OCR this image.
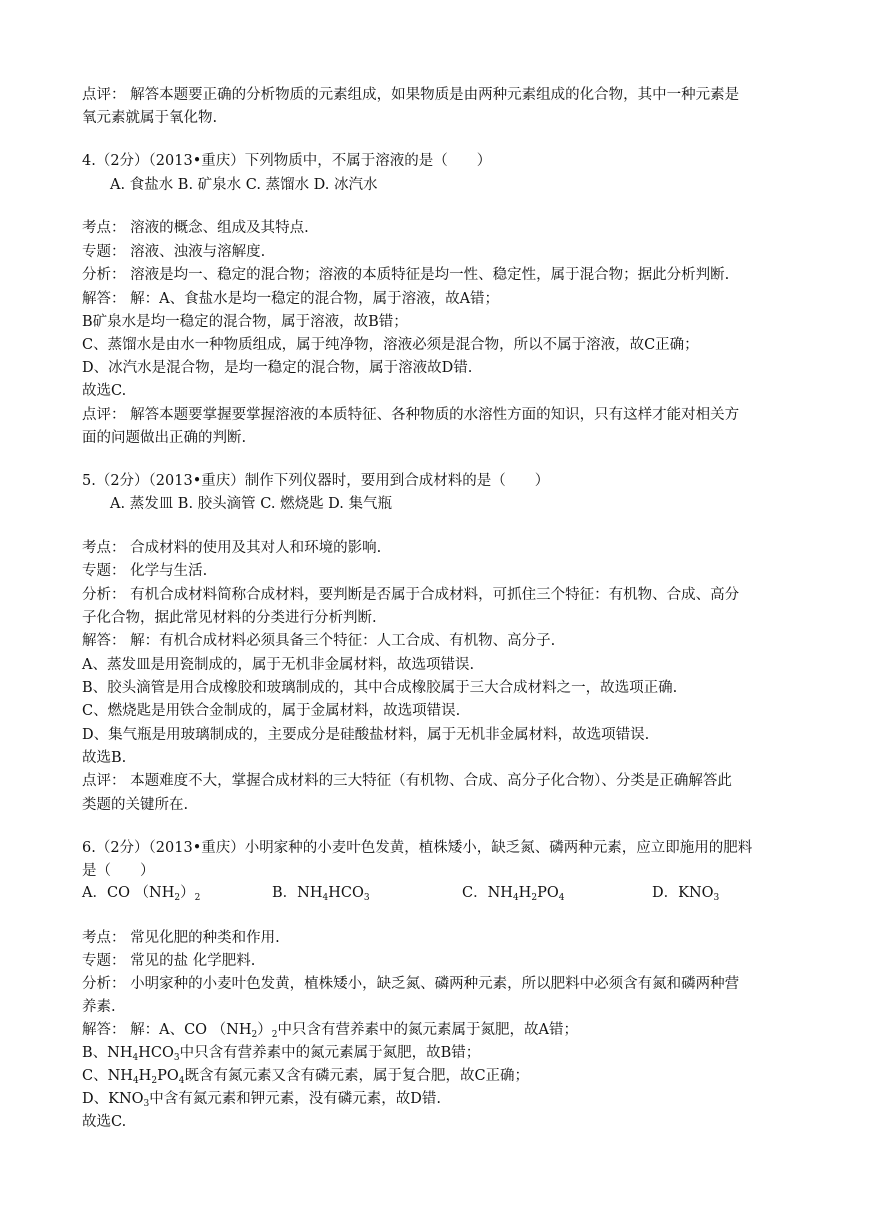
点评： 解答本题要正确的分析物质的元素组成，如果物质是由两种元素组成的化合物，其中一种元素是
氧元素就属于氧化物.
4.（2分）（2013•重庆）下列物质中，不属于溶液的是（　　）
A. 食盐水 B. 矿泉水 C. 蒸馏水 D. 冰汽水
考点： 溶液的概念、组成及其特点.
专题： 溶液、浊液与溶解度.
分析： 溶液是均一、稳定的混合物；溶液的本质特征是均一性、稳定性，属于混合物；据此分析判断.
解答： 解：A、食盐水是均一稳定的混合物，属于溶液，故A错；
B矿泉水是均一稳定的混合物，属于溶液，故B错；
C、蒸馏水是由水一种物质组成，属于纯净物，溶液必须是混合物，所以不属于溶液，故C正确；
D、冰汽水是混合物，是均一稳定的混合物，属于溶液故D错.
故选C.
点评： 解答本题要掌握要掌握溶液的本质特征、各种物质的水溶性方面的知识，只有这样才能对相关方
面的问题做出正确的判断.
5.（2分）（2013•重庆）制作下列仪器时，要用到合成材料的是（　　）
A. 蒸发皿 B. 胶头滴管 C. 燃烧匙 D. 集气瓶
考点： 合成材料的使用及其对人和环境的影响.
专题： 化学与生活.
分析： 有机合成材料简称合成材料，要判断是否属于合成材料，可抓住三个特征：有机物、合成、高分
子化合物，据此常见材料的分类进行分析判断.
解答： 解：有机合成材料必须具备三个特征：人工合成、有机物、高分子.
A、蒸发皿是用瓷制成的，属于无机非金属材料，故选项错误.
B、胶头滴管是用合成橡胶和玻璃制成的，其中合成橡胶属于三大合成材料之一，故选项正确.
C、燃烧匙是用铁合金制成的，属于金属材料，故选项错误.
D、集气瓶是用玻璃制成的，主要成分是硅酸盐材料，属于无机非金属材料，故选项错误.
故选B.
点评： 本题难度不大，掌握合成材料的三大特征（有机物、合成、高分子化合物）、分类是正确解答此
类题的关键所在.
6.（2分）（2013•重庆）小明家种的小麦叶色发黄，植株矮小，缺乏氮、磷两种元素，应立即施用的肥料
是（　　）
A．CO $(NH_2)_2$	B．$NH_4HCO_3$	C．$NH_4H_2PO_4$	D．$KNO_3$
考点： 常见化肥的种类和作用.
专题： 常见的盐 化学肥料.
分析： 小明家种的小麦叶色发黄，植株矮小，缺乏氮、磷两种元素，所以肥料中必须含有氮和磷两种营
养素.
解答： 解：A、CO $(NH_2)_2$中只含有营养素中的氮元素属于氮肥，故A错；
B、$NH_4HCO_3$中只含有营养素中的氮元素属于氮肥，故B错；
C、$NH_4H_2PO_4$既含有氮元素又含有磷元素，属于复合肥，故C正确；
D、$KNO_3$中含有氮元素和钾元素，没有磷元素，故D错.
故选C.
